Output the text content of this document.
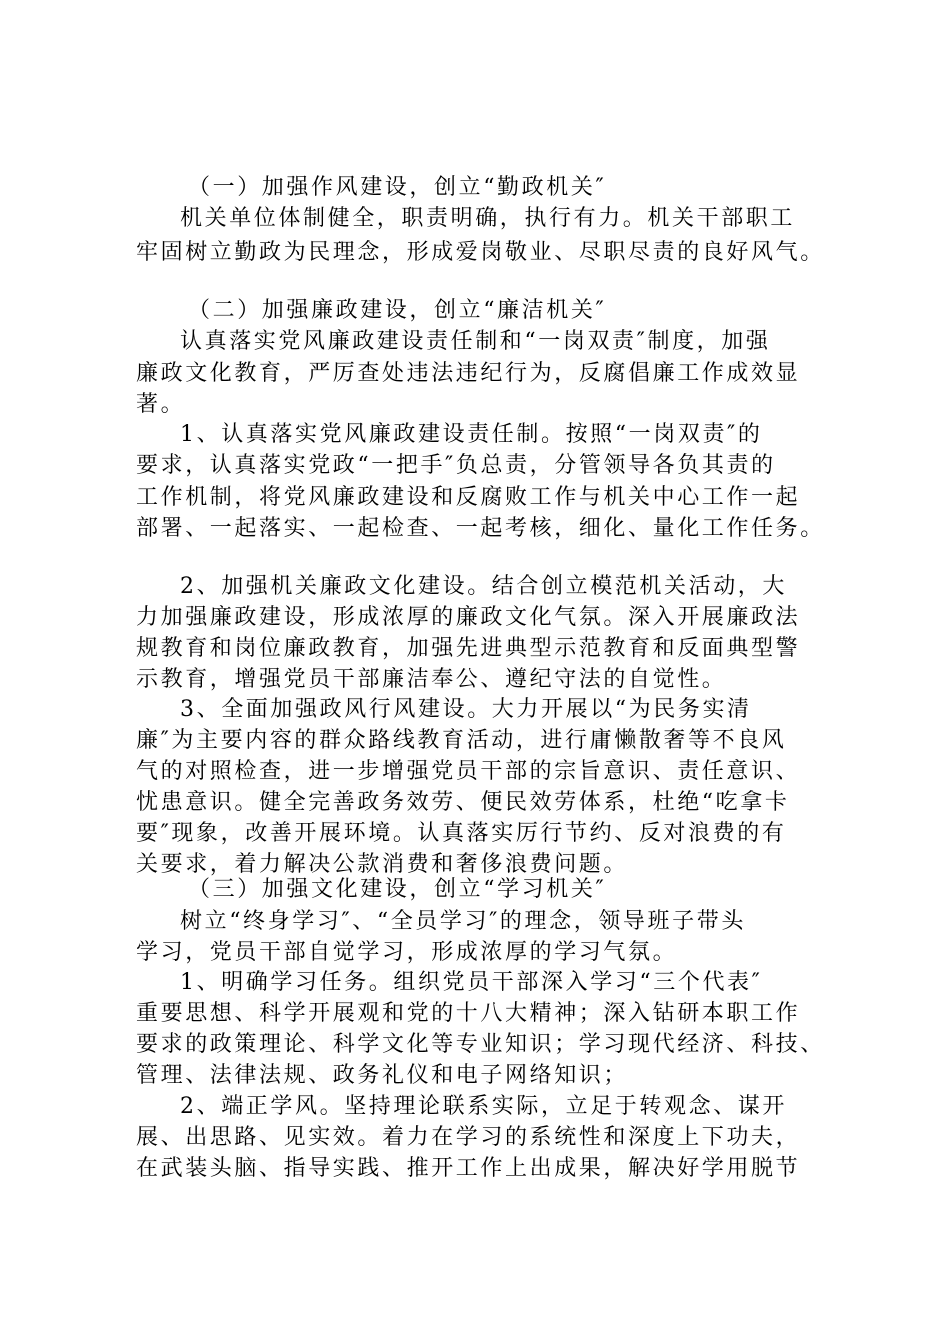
（一）加强作风建设，创立“勤政机关″
机关单位体制健全，职责明确，执行有力。机关干部职工
牢固树立勤政为民理念，形成爱岗敬业、尽职尽责的良好风气。
（二）加强廉政建设，创立“廉洁机关″
认真落实党风廉政建设责任制和“一岗双责″制度，加强
廉政文化教育，严厉查处违法违纪行为，反腐倡廉工作成效显
著。
1、认真落实党风廉政建设责任制。按照“一岗双责″的
要求，认真落实党政“一把手″负总责，分管领导各负其责的
工作机制，将党风廉政建设和反腐败工作与机关中心工作一起
部署、一起落实、一起检查、一起考核，细化、量化工作任务。
2、加强机关廉政文化建设。结合创立模范机关活动，大
力加强廉政建设，形成浓厚的廉政文化气氛。深入开展廉政法
规教育和岗位廉政教育，加强先进典型示范教育和反面典型警
示教育，增强党员干部廉洁奉公、遵纪守法的自觉性。
3、全面加强政风行风建设。大力开展以“为民务实清
廉″为主要内容的群众路线教育活动，进行庸懒散奢等不良风
气的对照检查，进一步增强党员干部的宗旨意识、责任意识、
忧患意识。健全完善政务效劳、便民效劳体系，杜绝“吃拿卡
要″现象，改善开展环境。认真落实厉行节约、反对浪费的有
关要求，着力解决公款消费和奢侈浪费问题。
（三）加强文化建设，创立“学习机关″
树立“终身学习″、“全员学习″的理念，领导班子带头
学习，党员干部自觉学习，形成浓厚的学习气氛。
1、明确学习任务。组织党员干部深入学习“三个代表″
重要思想、科学开展观和党的十八大精神；深入钻研本职工作
要求的政策理论、科学文化等专业知识；学习现代经济、科技、
管理、法律法规、政务礼仪和电子网络知识；
2、端正学风。坚持理论联系实际，立足于转观念、谋开
展、出思路、见实效。着力在学习的系统性和深度上下功夫，
在武装头脑、指导实践、推开工作上出成果，解决好学用脱节
